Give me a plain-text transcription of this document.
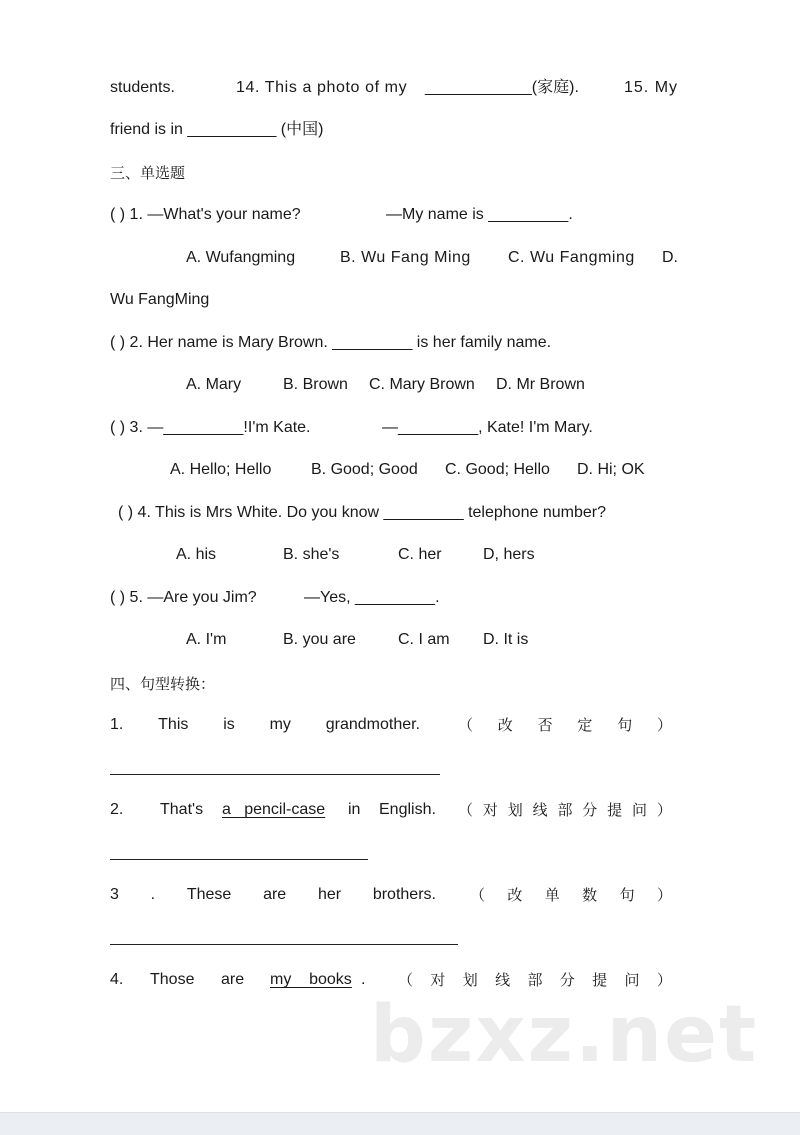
students.	14. This a photo of my ____________(家庭).	15. My
friend is in __________ (中国)
三、单选题
( ) 1. —What's your name?	—My name is _________.
A. Wufangming	B. Wu Fang Ming C. Wu Fangming D.
Wu FangMing
( ) 2. Her name is Mary Brown. _________ is her family name.
A. Mary	B. Brown C. Mary Brown D. Mr Brown
( ) 3. —_________!I'm Kate.	—_________, Kate! I'm Mary.
A. Hello; Hello B. Good; Good C. Good; Hello D. Hi; OK
( ) 4. This is Mrs White. Do you know _________ telephone number?
A. his	B. she's	C. her	D, hers
( ) 5. —Are you Jim?	—Yes, _________.
A. I'm	B. you are	C. I am D. It is
四、句型转换：
1. This is my grandmother.	（ 改 否 定 句 ）
2. That's a   pencil-case in English. （ 对 划 线 部 分 提 问 ）
3 . These are her brothers. （ 改 单 数 句 ）
4. Those are my    books . （ 对 划 线 部 分 提 问 ）
bzxz.net
